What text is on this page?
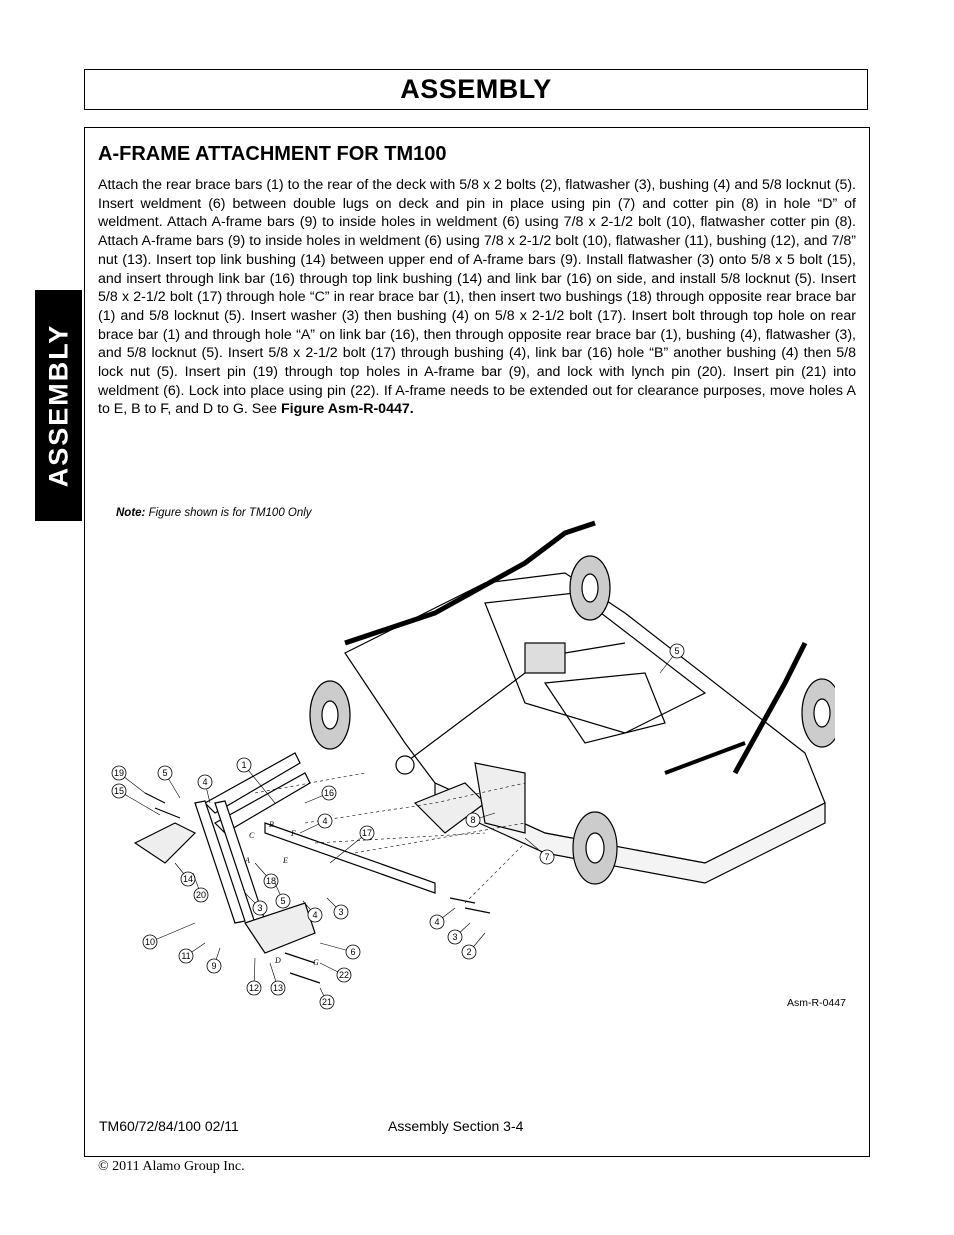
ASSEMBLY
ASSEMBLY
A-FRAME ATTACHMENT FOR TM100
Attach the rear brace bars (1) to the rear of the deck with 5/8 x 2 bolts (2), flatwasher (3), bushing (4) and 5/8 locknut (5). Insert weldment (6) between double lugs on deck and pin in place using pin (7) and cotter pin (8) in hole “D” of weldment. Attach A-frame bars (9) to inside holes in weldment (6) using 7/8 x 2-1/2 bolt (10), flatwasher cotter pin (8). Attach A-frame bars (9) to inside holes in weldment (6) using 7/8 x 2-1/2 bolt (10), flatwasher (11), bushing (12), and 7/8” nut (13). Insert top link bushing (14) between upper end of A-frame bars (9). Install flatwasher (3) onto 5/8 x 5 bolt (15), and insert through link bar (16) through top link bushing (14) and link bar (16) on side, and install 5/8 locknut (5). Insert 5/8 x 2-1/2 bolt (17) through hole “C” in rear brace bar (1), then insert two bushings (18) through opposite rear brace bar (1) and 5/8 locknut (5). Insert washer (3) then bushing (4) on 5/8 x 2-1/2 bolt (17). Insert bolt through top hole on rear brace bar (1) and through hole “A” on link bar (16), then through opposite rear brace bar (1), bushing (4), flatwasher (3), and 5/8 locknut (5). Insert 5/8 x 2-1/2 bolt (17) through bushing (4), link bar (16) hole “B” another bushing (4) then 5/8 lock nut (5). Insert pin (19) through top holes in A-frame bar (9), and lock with lynch pin (20). Insert pin (21) into weldment (6). Lock into place using pin (22). If A-frame needs to be extended out for clearance purposes, move holes A to E, B to F, and D to G. See Figure Asm-R-0447.
Note: Figure shown is for TM100 Only
19
15
5
4
1
16
4
17
14
20
18
3
5
4 3
10
11
9
12 13
21
22
6
8
7
5
4
3
2
B
F
C
A	E
G
D
Asm-R-0447
TM60/72/84/100 02/11	Assembly Section 3-4
© 2011 Alamo Group Inc.
